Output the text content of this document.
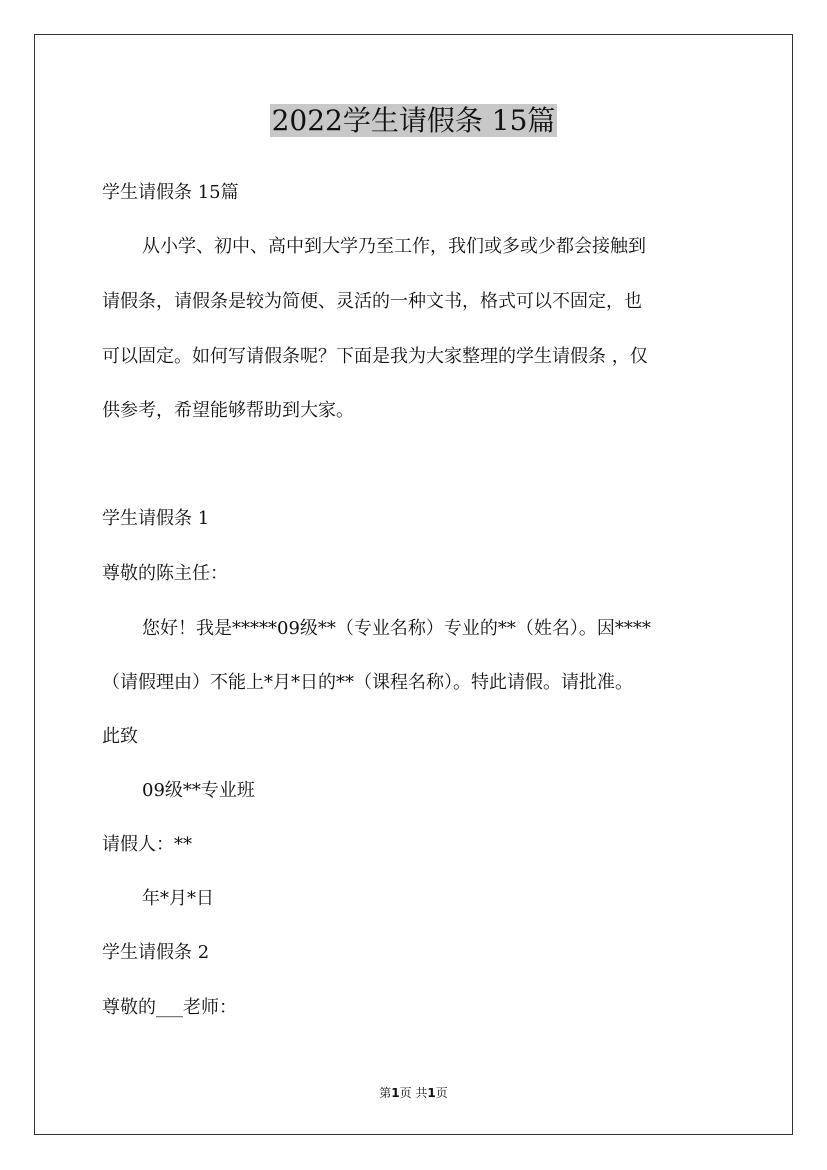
2022学生请假条 15篇
学生请假条 15篇
从小学、初中、高中到大学乃至工作，我们或多或少都会接触到
请假条，请假条是较为简便、灵活的一种文书，格式可以不固定，也
可以固定。如何写请假条呢？下面是我为大家整理的学生请假条 ，仅
供参考，希望能够帮助到大家。
学生请假条 1
尊敬的陈主任：
您好！我是*****09级**（专业名称）专业的**（姓名）。因****
（请假理由）不能上*月*日的**（课程名称）。特此请假。请批准。
此致
09级**专业班
请假人：**
年*月*日
学生请假条 2
尊敬的___老师：
第1页 共1页
